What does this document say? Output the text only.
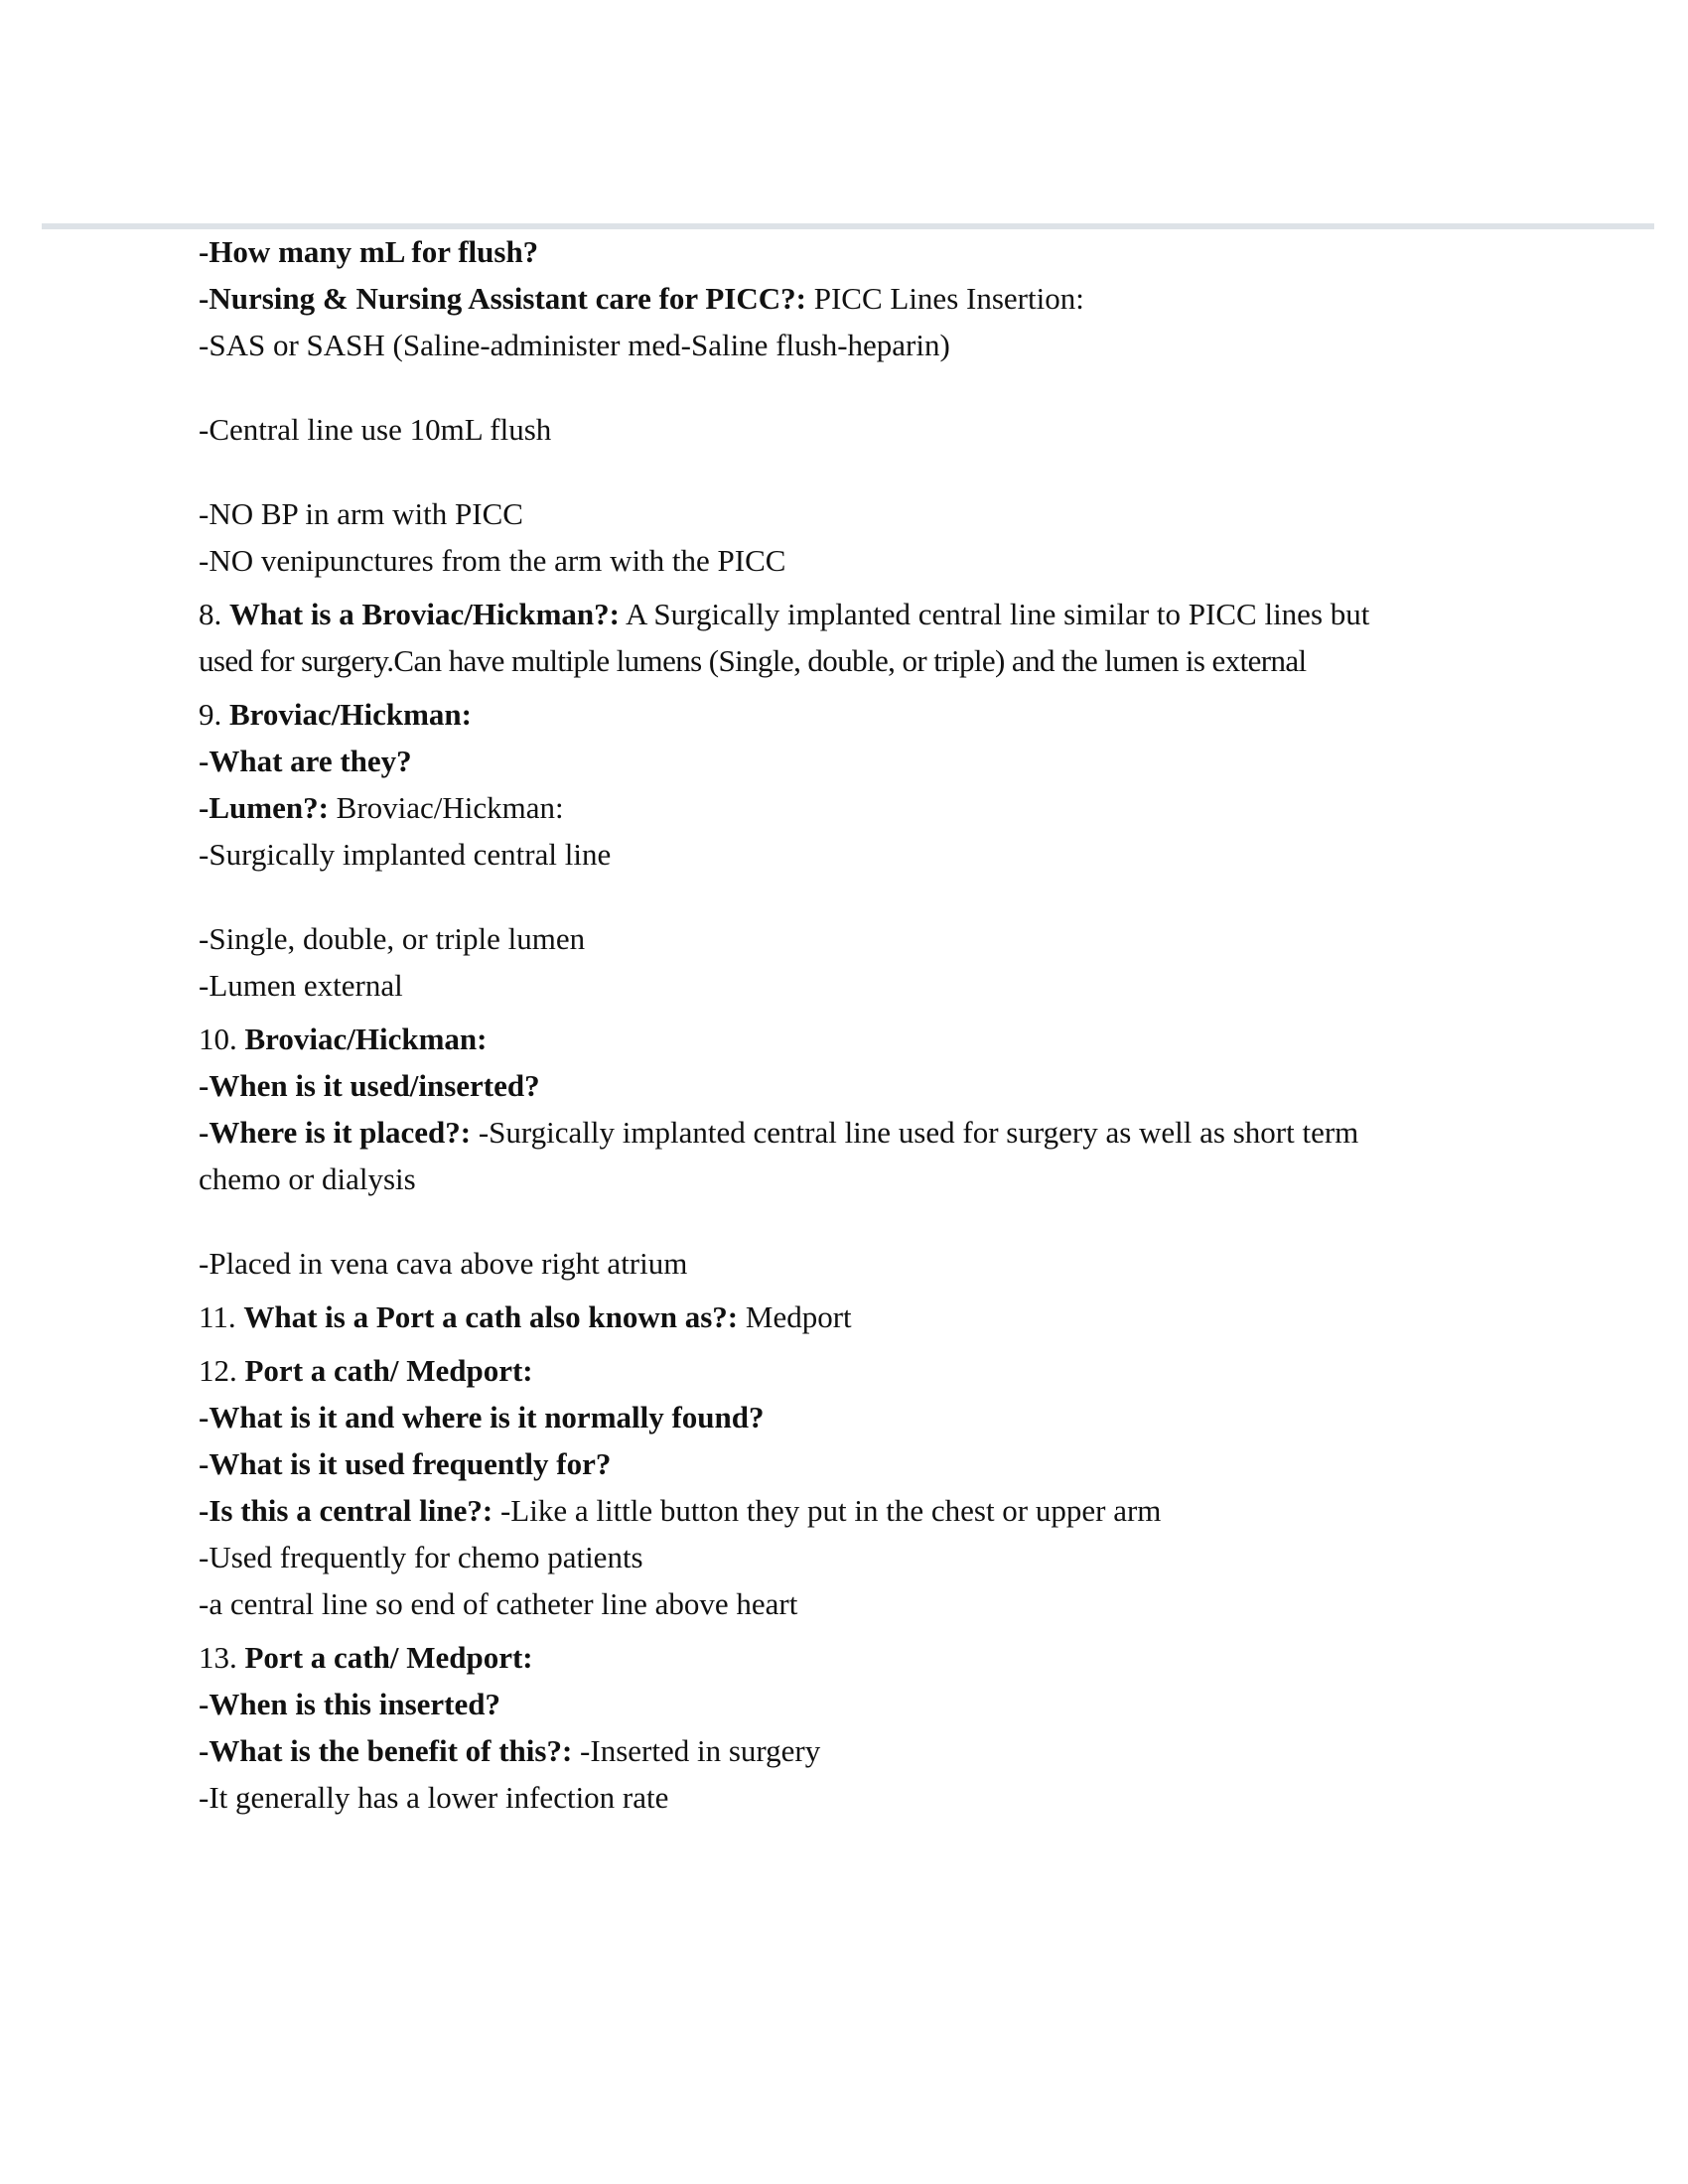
-How many mL for flush?
-Nursing & Nursing Assistant care for PICC?: PICC Lines Insertion:
-SAS or SASH (Saline-administer med-Saline flush-heparin)
-Central line use 10mL flush
-NO BP in arm with PICC
-NO venipunctures from the arm with the PICC
8. What is a Broviac/Hickman?: A Surgically implanted central line similar to PICC lines but
used for surgery.Can have multiple lumens (Single, double, or triple) and the lumen is external
9. Broviac/Hickman:
-What are they?
-Lumen?: Broviac/Hickman:
-Surgically implanted central line
-Single, double, or triple lumen
-Lumen external
10. Broviac/Hickman:
-When is it used/inserted?
-Where is it placed?: -Surgically implanted central line used for surgery as well as short term
chemo or dialysis
-Placed in vena cava above right atrium
11. What is a Port a cath also known as?: Medport
12. Port a cath/ Medport:
-What is it and where is it normally found?
-What is it used frequently for?
-Is this a central line?: -Like a little button they put in the chest or upper arm
-Used frequently for chemo patients
-a central line so end of catheter line above heart
13. Port a cath/ Medport:
-When is this inserted?
-What is the benefit of this?: -Inserted in surgery
-It generally has a lower infection rate
